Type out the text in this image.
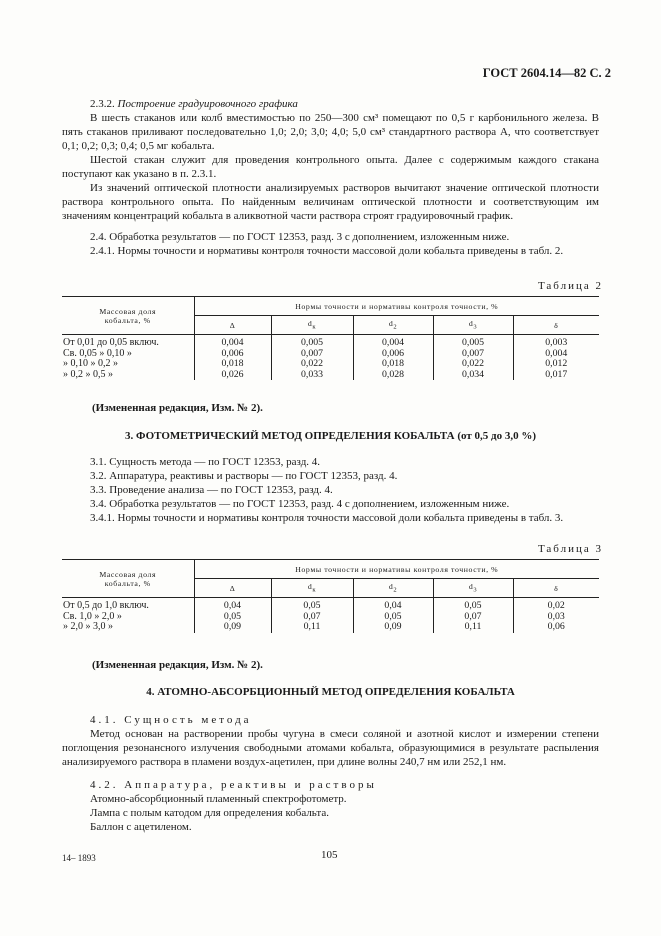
ГОСТ 2604.14—82 С. 2
2.3.2. Построение градуировочного графика
В шесть стаканов или колб вместимостью по 250—300 см³ помещают по 0,5 г карбонильного железа. В пять стаканов приливают последовательно 1,0; 2,0; 3,0; 4,0; 5,0 см³ стандартного раствора А, что соответствует 0,1; 0,2; 0,3; 0,4; 0,5 мг кобальта.
Шестой стакан служит для проведения контрольного опыта. Далее с содержимым каждого стакана поступают как указано в п. 2.3.1.
Из значений оптической плотности анализируемых растворов вычитают значение оптической плотности раствора контрольного опыта. По найденным величинам оптической плотности и соответствующим им значениям концентраций кобальта в аликвотной части раствора строят градуировочный график.
2.4. Обработка результатов — по ГОСТ 12353, разд. 3 с дополнением, изложенным ниже.
2.4.1. Нормы точности и нормативы контроля точности массовой доли кобальта приведены в табл. 2.
Таблица 2
Массовая доля
кобальта, %	Нормы точности и нормативы контроля точности, %				
	Δ	$d_к$	$d_2$	$d_3$	δ
От 0,01 до 0,05 включ.	0,004	0,005	0,004	0,005	0,003
Св. 0,05 » 0,10 »	0,006	0,007	0,006	0,007	0,004
» 0,10 » 0,2 »	0,018	0,022	0,018	0,022	0,012
» 0,2 » 0,5 »	0,026	0,033	0,028	0,034	0,017
(Измененная редакция, Изм. № 2).
3. ФОТОМЕТРИЧЕСКИЙ МЕТОД ОПРЕДЕЛЕНИЯ КОБАЛЬТА (от 0,5 до 3,0 %)
3.1. Сущность метода — по ГОСТ 12353, разд. 4.
3.2. Аппаратура, реактивы и растворы — по ГОСТ 12353, разд. 4.
3.3. Проведение анализа — по ГОСТ 12353, разд. 4.
3.4. Обработка результатов — по ГОСТ 12353, разд. 4 с дополнением, изложенным ниже.
3.4.1. Нормы точности и нормативы контроля точности массовой доли кобальта приведены в табл. 3.
Таблица 3
Массовая доля
кобальта, %	Нормы точности и нормативы контроля точности, %				
	Δ	$d_к$	$d_2$	$d_3$	δ
От 0,5 до 1,0 включ.	0,04	0,05	0,04	0,05	0,02
Св. 1,0 » 2,0 »	0,05	0,07	0,05	0,07	0,03
» 2,0 » 3,0 »	0,09	0,11	0,09	0,11	0,06
(Измененная редакция, Изм. № 2).
4. АТОМНО-АБСОРБЦИОННЫЙ МЕТОД ОПРЕДЕЛЕНИЯ КОБАЛЬТА
4.1. Сущность метода
Метод основан на растворении пробы чугуна в смеси соляной и азотной кислот и измерении степени поглощения резонансного излучения свободными атомами кобальта, образующимися в результате распыления анализируемого раствора в пламени воздух-ацетилен, при длине волны 240,7 нм или 252,1 нм.
4.2. Аппаратура, реактивы и растворы
Атомно-абсорбционный пламенный спектрофотометр.
Лампа с полым катодом для определения кобальта.
Баллон с ацетиленом.
14– 1893	105
